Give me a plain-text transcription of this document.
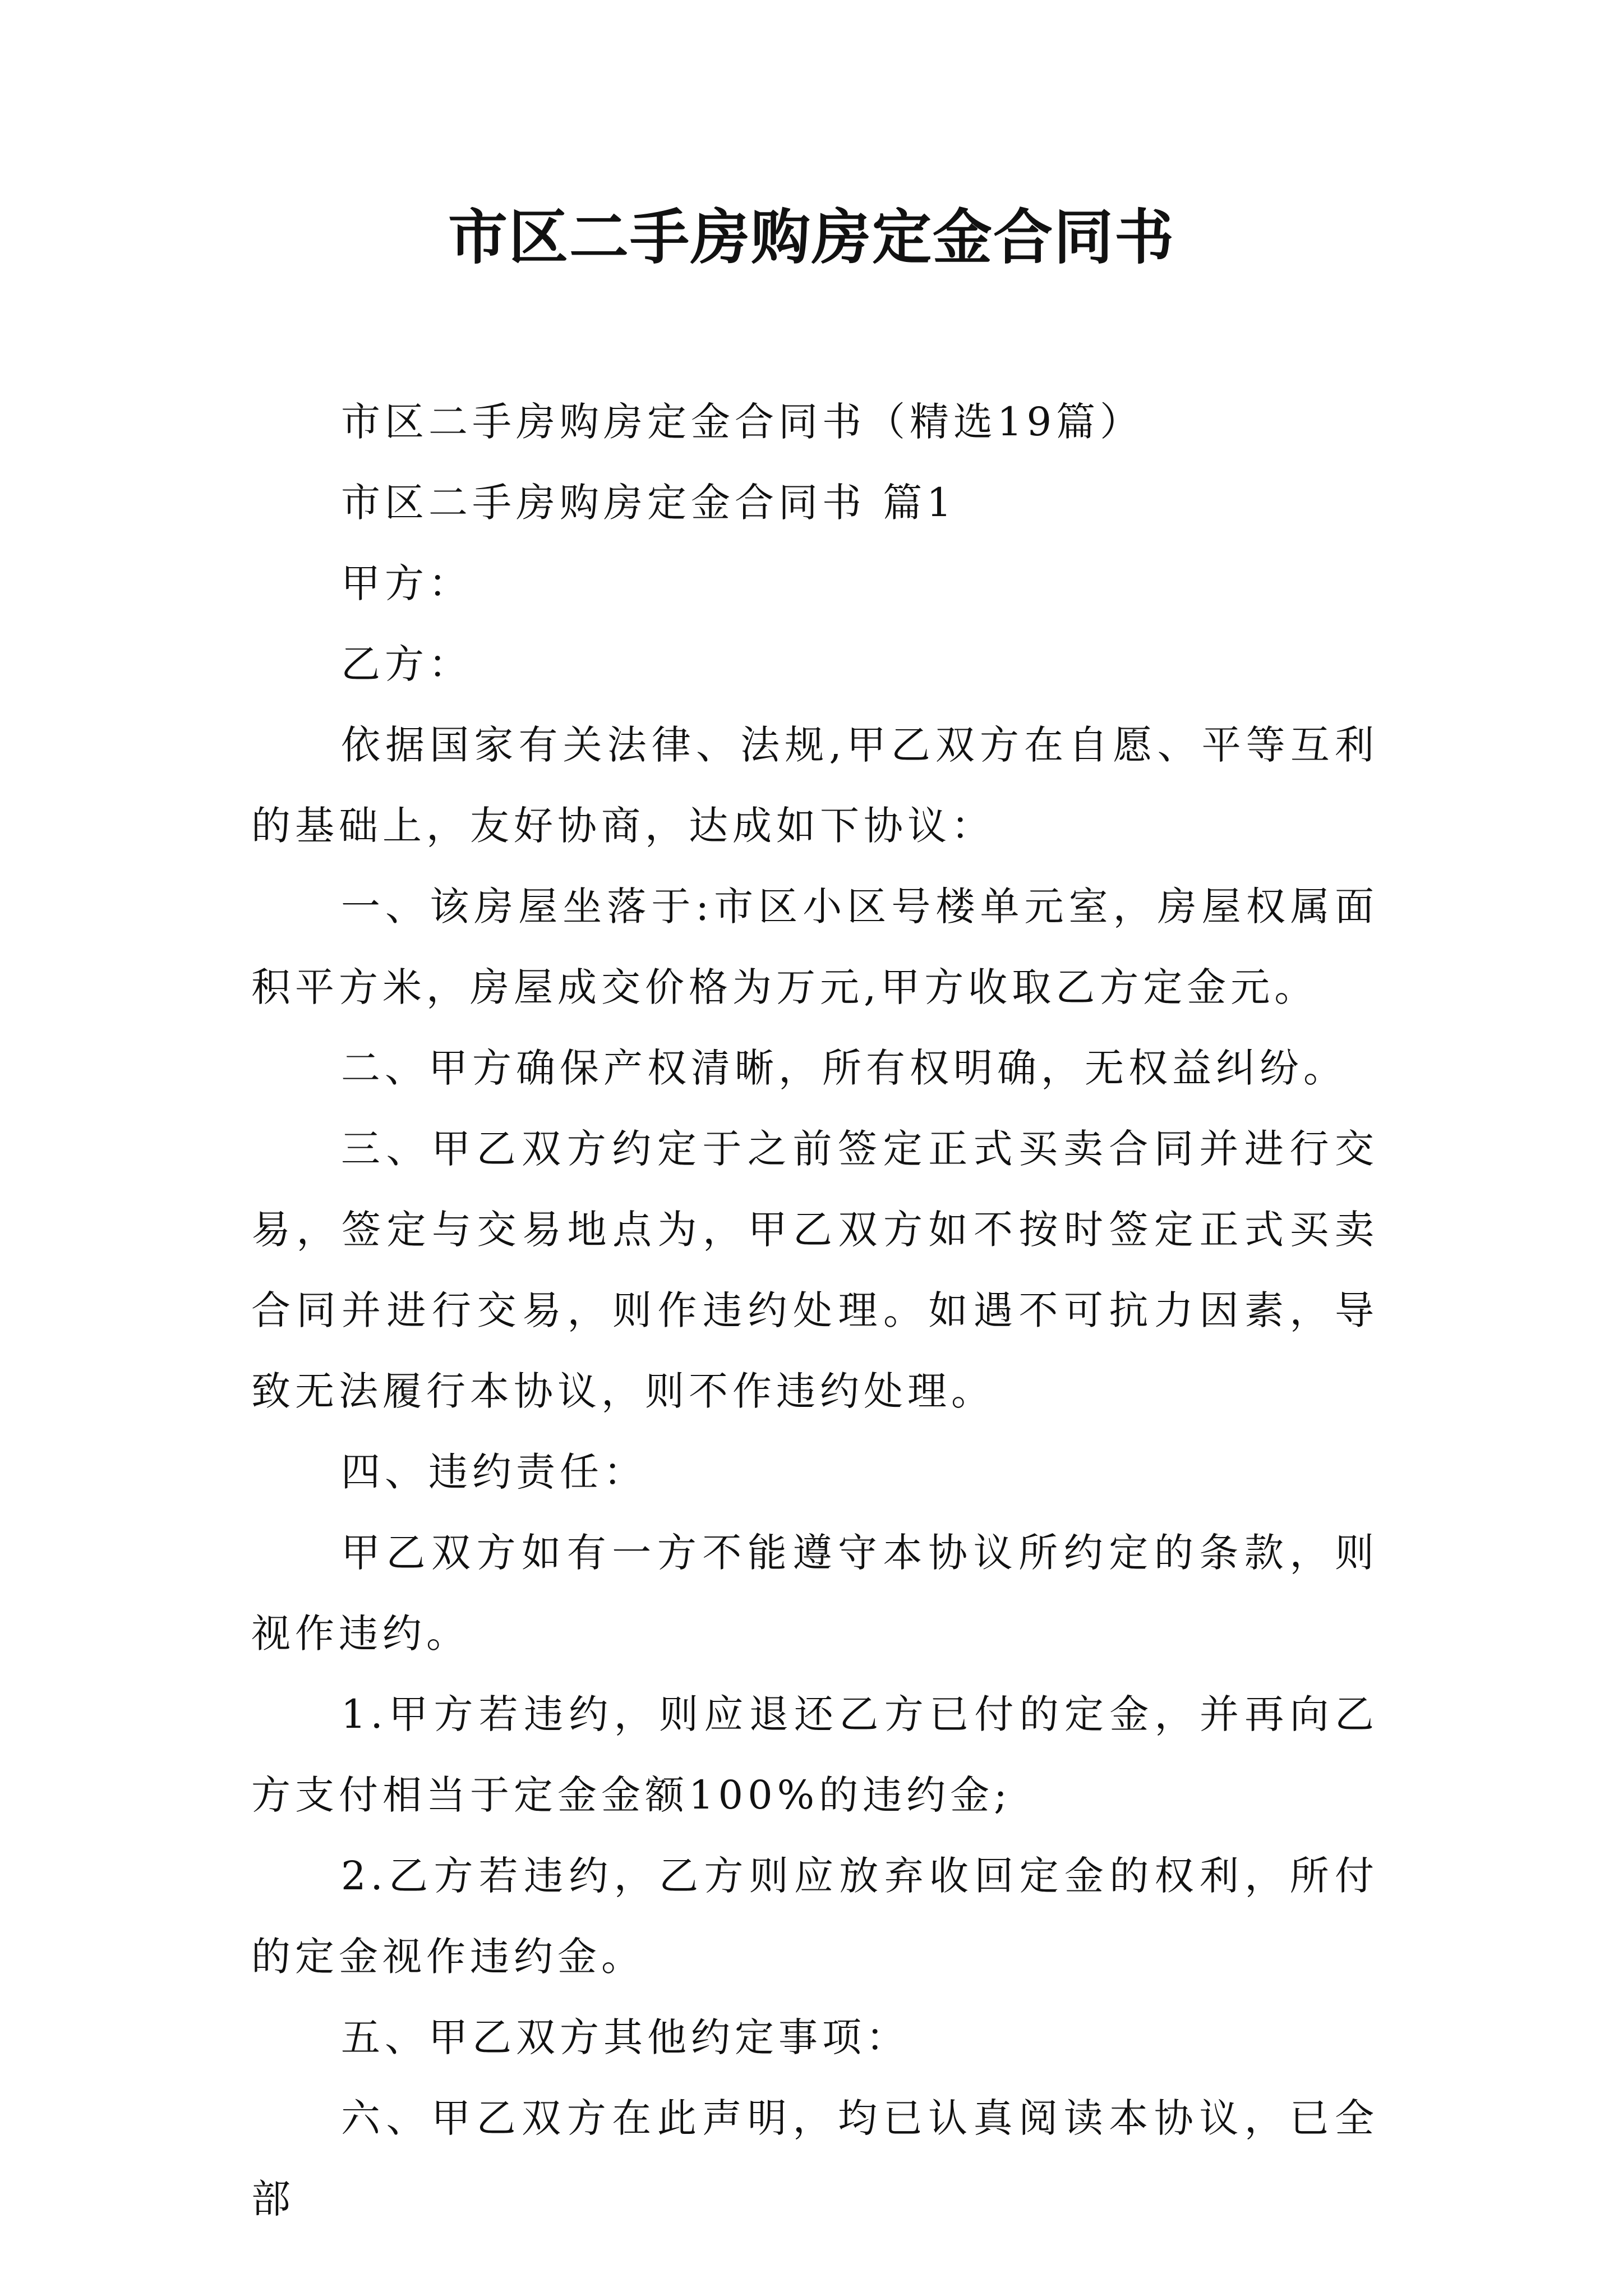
市区二手房购房定金合同书

市区二手房购房定金合同书（精选19篇）

市区二手房购房定金合同书 篇1

甲方：

乙方：

依据国家有关法律、法规,甲乙双方在自愿、平等互利的基础上，友好协商，达成如下协议：

一、该房屋坐落于:市区小区号楼单元室，房屋权属面积平方米，房屋成交价格为万元,甲方收取乙方定金元。

二、甲方确保产权清晰，所有权明确，无权益纠纷。

三、甲乙双方约定于之前签定正式买卖合同并进行交易，签定与交易地点为，甲乙双方如不按时签定正式买卖合同并进行交易，则作违约处理。如遇不可抗力因素，导致无法履行本协议，则不作违约处理。

四、违约责任：

甲乙双方如有一方不能遵守本协议所约定的条款，则视作违约。

1.甲方若违约，则应退还乙方已付的定金，并再向乙方支付相当于定金金额100%的违约金;

2.乙方若违约，乙方则应放弃收回定金的权利，所付的定金视作违约金。

五、甲乙双方其他约定事项：

六、甲乙双方在此声明，均已认真阅读本协议，已全部
